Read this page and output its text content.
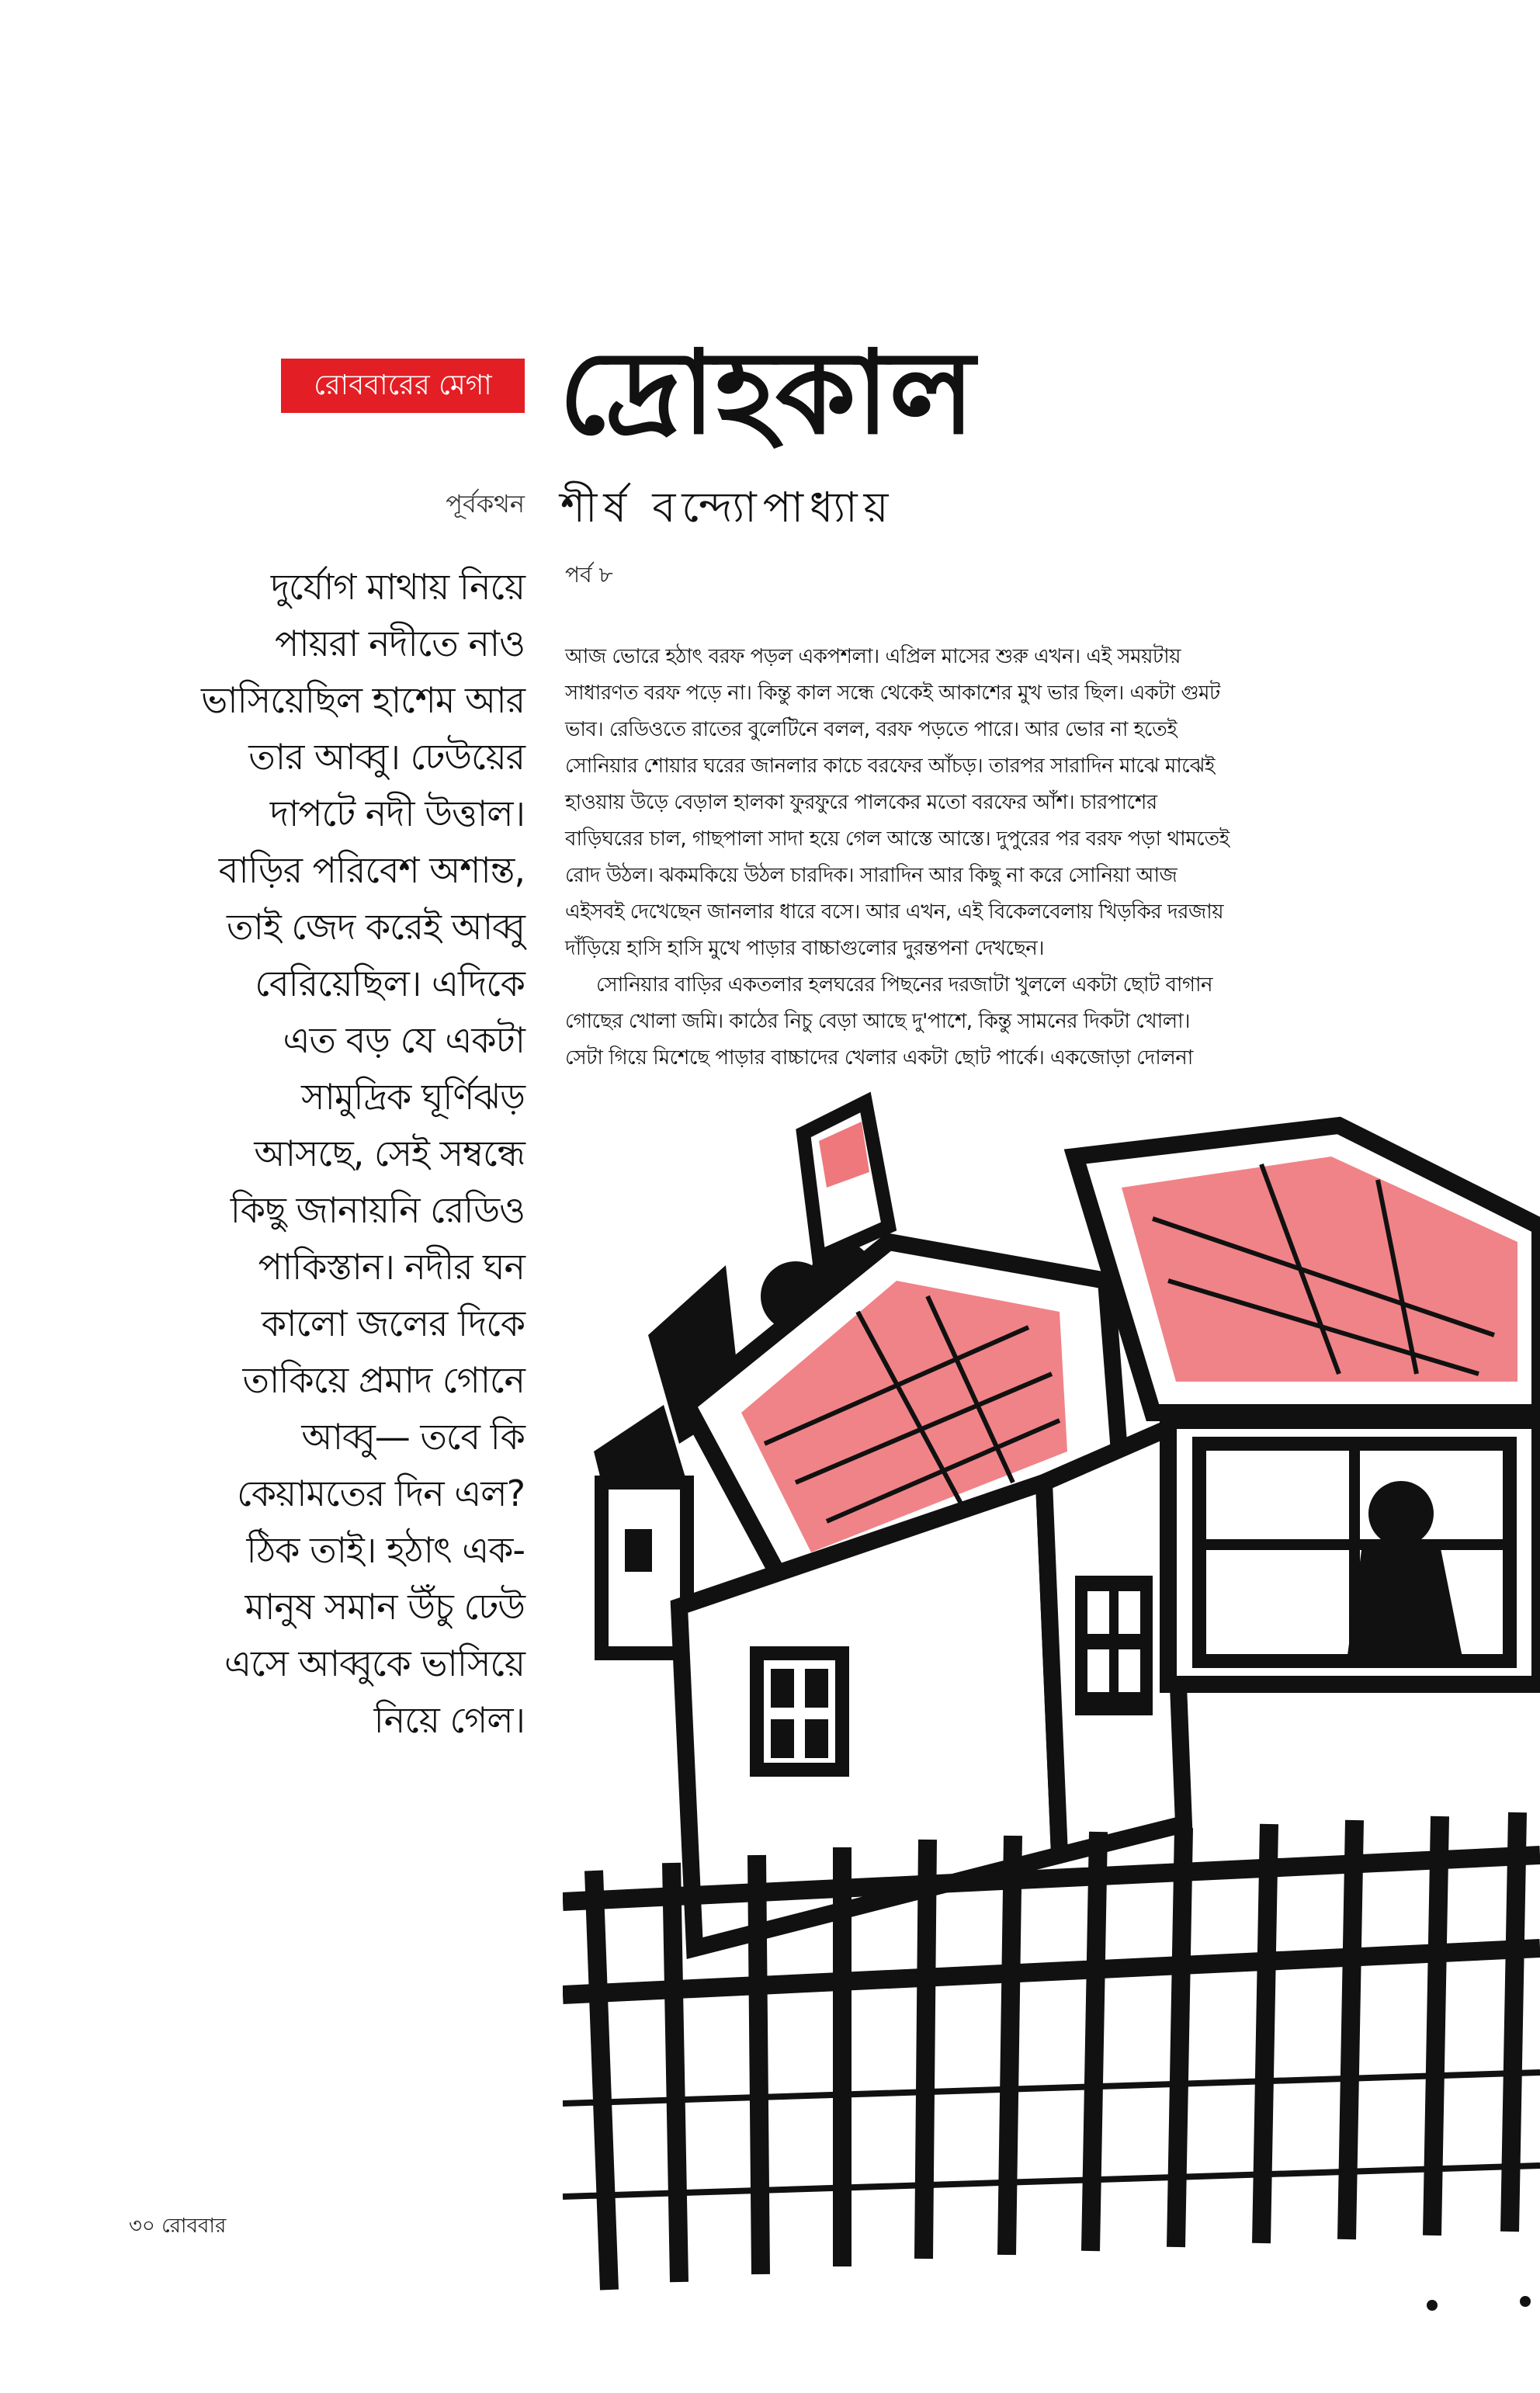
রোববারের মেগা দ্রোহকাল
পূর্বকথন শীর্ষ বন্দ্যোপাধ্যায়
পর্ব ৮
দুর্যোগ মাথায় নিয়ে
পায়রা নদীতে নাও
ভাসিয়েছিল হাশেম আর
তার আব্বু। ঢেউয়ের
দাপটে নদী উত্তাল।
বাড়ির পরিবেশ অশান্ত,
তাই জেদ করেই আব্বু
বেরিয়েছিল। এদিকে
এত বড় যে একটা
সামুদ্রিক ঘূর্ণিঝড়
আসছে, সেই সম্বন্ধে
কিছু জানায়নি রেডিও
পাকিস্তান। নদীর ঘন
কালো জলের দিকে
তাকিয়ে প্রমাদ গোনে
আব্বু— তবে কি
কেয়ামতের দিন এল?
ঠিক তাই। হঠাৎ এক-
মানুষ সমান উঁচু ঢেউ
এসে আব্বুকে ভাসিয়ে
নিয়ে গেল।
আজ ভোরে হঠাৎ বরফ পড়ল একপশলা। এপ্রিল মাসের শুরু এখন। এই সময়টায়
সাধারণত বরফ পড়ে না। কিন্তু কাল সন্ধে থেকেই আকাশের মুখ ভার ছিল। একটা গুমট
ভাব। রেডিওতে রাতের বুলেটিনে বলল, বরফ পড়তে পারে। আর ভোর না হতেই
সোনিয়ার শোয়ার ঘরের জানলার কাচে বরফের আঁচড়। তারপর সারাদিন মাঝে মাঝেই
হাওয়ায় উড়ে বেড়াল হালকা ফুরফুরে পালকের মতো বরফের আঁশ। চারপাশের
বাড়িঘরের চাল, গাছপালা সাদা হয়ে গেল আস্তে আস্তে। দুপুরের পর বরফ পড়া থামতেই
রোদ উঠল। ঝকমকিয়ে উঠল চারদিক। সারাদিন আর কিছু না করে সোনিয়া আজ
এইসবই দেখেছেন জানলার ধারে বসে। আর এখন, এই বিকেলবেলায় খিড়কির দরজায়
দাঁড়িয়ে হাসি হাসি মুখে পাড়ার বাচ্চাগুলোর দুরন্তপনা দেখছেন।
সোনিয়ার বাড়ির একতলার হলঘরের পিছনের দরজাটা খুললে একটা ছোট বাগান
গোছের খোলা জমি। কাঠের নিচু বেড়া আছে দু'পাশে, কিন্তু সামনের দিকটা খোলা।
সেটা গিয়ে মিশেছে পাড়ার বাচ্চাদের খেলার একটা ছোট পার্কে। একজোড়া দোলনা
৩০ রোববার
